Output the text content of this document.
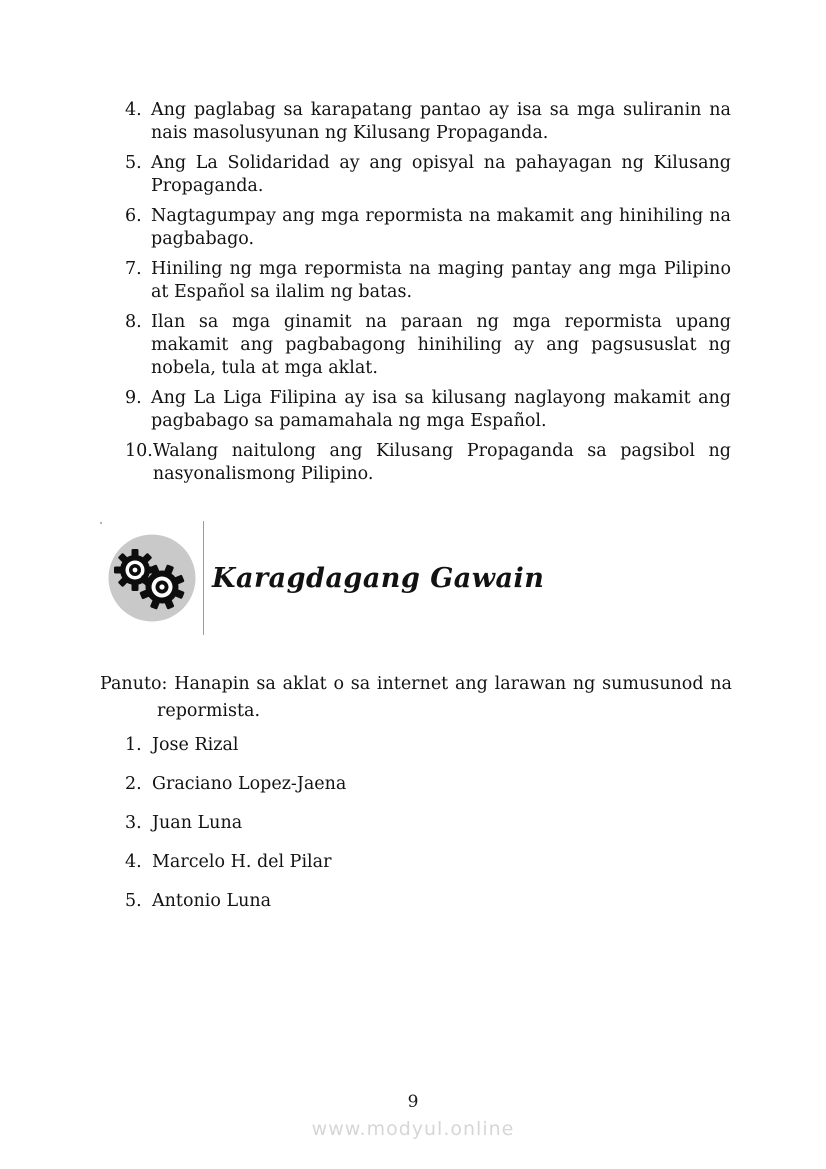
4. Ang paglabag sa karapatang pantao ay isa sa mga suliranin na nais masolusyunan ng Kilusang Propaganda.
5. Ang La Solidaridad ay ang opisyal na pahayagan ng Kilusang Propaganda.
6. Nagtagumpay ang mga repormista na makamit ang hinihiling na pagbabago.
7. Hiniling ng mga repormista na maging pantay ang mga Pilipino at Español sa ilalim ng batas.
8. Ilan sa mga ginamit na paraan ng mga repormista upang makamit ang pagbabagong hinihiling ay ang pagsususlat ng nobela, tula at mga aklat.
9. Ang La Liga Filipina ay isa sa kilusang naglayong makamit ang pagbabago sa pamamahala ng mga Español.
10. Walang naitulong ang Kilusang Propaganda sa pagsibol ng nasyonalismong Pilipino.
Karagdagang Gawain

Panuto: Hanapin sa aklat o sa internet ang larawan ng sumusunod na repormista.

1. Jose Rizal
2. Graciano Lopez-Jaena
3. Juan Luna
4. Marcelo H. del Pilar
5. Antonio Luna
9
www.modyul.online
